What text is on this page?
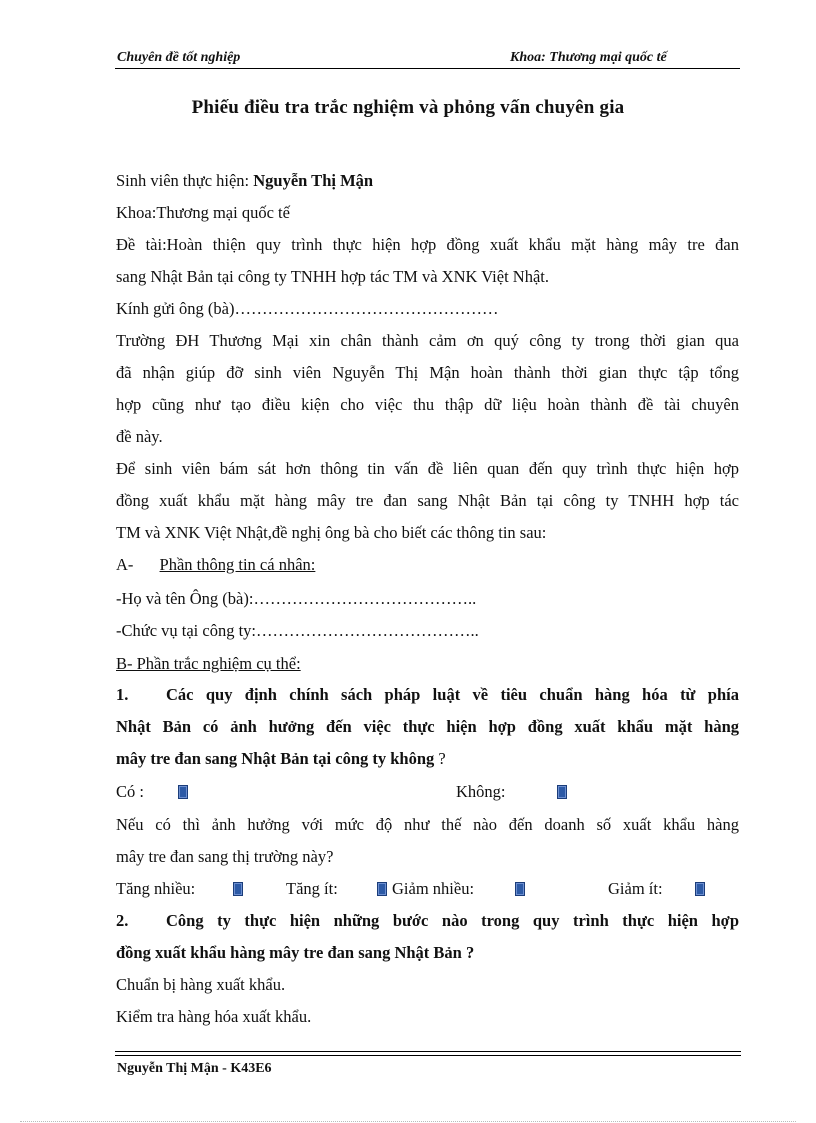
Chuyên đề tốt nghiệp	Khoa: Thương mại quốc tế
Phiếu điều tra trắc nghiệm và phỏng vấn chuyên gia
Sinh viên thực hiện: Nguyễn Thị Mận
Khoa:Thương mại quốc tế
Đề tài:Hoàn thiện quy trình thực hiện hợp đồng xuất khẩu mặt hàng mây tre đan
sang Nhật Bản tại công ty TNHH hợp tác TM và XNK Việt Nhật.
Kính gửi ông (bà)…………………………………………
Trường ĐH Thương Mại xin chân thành cảm ơn quý công ty trong thời gian qua
đã nhận giúp đỡ sinh viên Nguyễn Thị Mận hoàn thành thời gian thực tập tổng
hợp cũng như tạo điều kiện cho việc thu thập dữ liệu hoàn thành đề tài chuyên
đề này.
Để sinh viên bám sát hơn thông tin vấn đề liên quan đến quy trình thực hiện hợp
đồng xuất khẩu mặt hàng mây tre đan sang Nhật Bản tại công ty TNHH hợp tác
TM và XNK Việt Nhật,đề nghị ông bà cho biết các thông tin sau:
A- Phần thông tin cá nhân:
-Họ và tên Ông (bà):…………………………………..
-Chức vụ tại công ty:…………………………………..
B- Phần trắc nghiệm cụ thể:
1. Các quy định chính sách pháp luật về tiêu chuẩn hàng hóa từ phía
Nhật Bản có ảnh hưởng đến việc thực hiện hợp đồng xuất khẩu mặt hàng
mây tre đan sang Nhật Bản tại công ty không ?
Có :	Không:
Nếu có thì ảnh hưởng với mức độ như thế nào đến doanh số xuất khẩu hàng
mây tre đan sang thị trường này?
Tăng nhiều:	Tăng ít:	Giảm nhiều:	Giảm ít:
2. Công ty thực hiện những bước nào trong quy trình thực hiện hợp
đồng xuất khẩu hàng mây tre đan sang Nhật Bản ?
Chuẩn bị hàng xuất khẩu.
Kiểm tra hàng hóa xuất khẩu.
Nguyễn Thị Mận - K43E6
